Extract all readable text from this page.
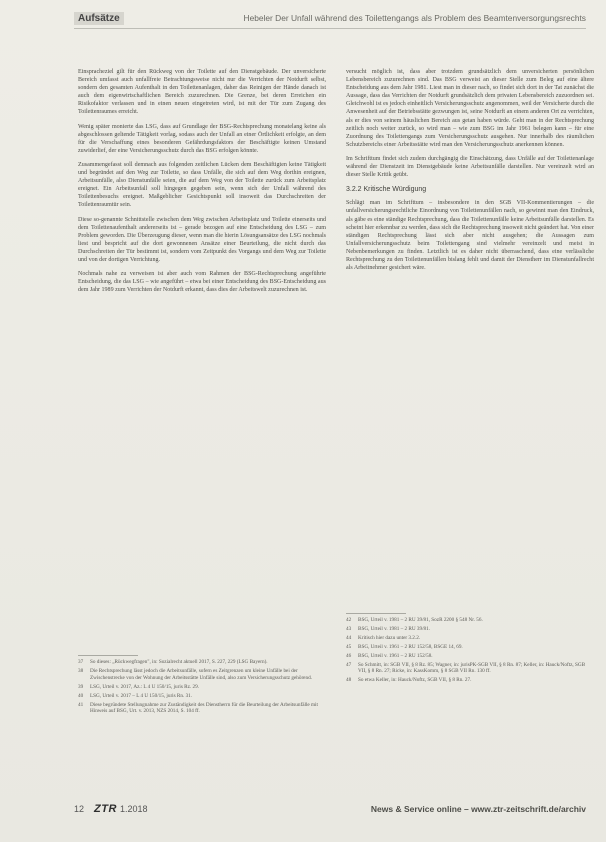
Aufsätze	Hebeler Der Unfall während des Toilettengangs als Problem des Beamtenversorgungsrechts

Einspracheziel gilt für den Rückweg von der Toilette auf den Dienstgebäude. Der unversicherte Bereich umfasst auch unfallfreie Betrachtungsweise nicht nur die Verrichten der Notdurft selbst, sondern den gesamten Aufenthalt in den Toilettenanlagen, daher das Reinigen der Hände danach ist auch dem eigenwirtschaftlichen Bereich zuzurechnen. Die Grenze, bei deren Erreichen ein Risikofaktor verlassen und in einen neuen eingetreten wird, ist mit der Tür zum Zugang des Toilettenraumes erreicht.

Wenig später monierte das LSG, dass auf Grundlage der BSG-Rechtsprechung monatelang keine als abgeschlossen geltende Tätigkeit vorlag, sodass auch der Unfall an einer Örtlichkeit erfolgte, an dem für die Verschaffung eines besonderen Gefährdungsfaktors der Beschäftigte keinen Umstand zuwiderlief, der eine Versicherungsschutz durch das BSG erfolgen könnte.

Zusammengefasst soll demnach aus folgenden zeitlichen Lücken dem Beschäftigten keine Tätigkeit und begründet auf den Weg zur Toilette, so dass Unfälle, die sich auf dem Weg dorthin ereignen, Arbeitsunfälle, also Dienstunfälle seien, die auf dem Weg von der Toilette zurück zum Arbeitsplatz ereignet. Ein Arbeitsunfall soll hingegen gegeben sein, wenn sich der Unfall während des Toilettenbesuchs ereignet. Maßgeblicher Gesichtspunkt soll insoweit das Durchschreiten der Toilettenraumtür sein.

Diese so-genannte Schnittstelle zwischen dem Weg zwischen Arbeitsplatz und Toilette einerseits und dem Toilettenaufenthalt andererseits ist – gerade bezogen auf eine Entscheidung des LSG – zum Problem geworden. Die Überzeugung dieser, wenn man die hierin Lösungsansätze des LSG nochmals liest und bespricht auf die dort gewonnenen Ansätze einer Beurteilung, die nicht durch das Durchschreiten der Tür bestimmt ist, sondern vom Zeitpunkt des Vorgangs und dem Weg zur Toilette und von der dortigen Verrichtung.

Nochmals nahe zu verweisen ist aber auch vom Rahmen der BSG-Rechtsprechung angeführte Entscheidung, die das LSG – wie angeführt – etwa bei einer Entscheidung des BSG-Entscheidung aus dem Jahr 1989 zum Verrichten der Notdurft erkannt, dass dies der Arbeitswelt zuzurechnen ist.

versucht möglich ist, dass aber trotzdem grundsätzlich dem unversicherten persönlichen Lebensbereich zuzurechnen sind. Das BSG verweist an dieser Stelle zum Beleg auf eine ältere Entscheidung aus dem Jahr 1981. Liest man in dieser nach, so findet sich dort in der Tat zunächst die Aussage, dass das Verrichten der Notdurft grundsätzlich dem privaten Lebensbereich zuzuordnen sei. Gleichwohl ist es jedoch einheitlich Versicherungsschutz angenommen, weil der Versicherte durch die Anwesenheit auf der Betriebsstätte gezwungen ist, seine Notdurft an einem anderen Ort zu verrichten, als er dies von seinem häuslichen Bereich aus getan haben würde. Geht man in der Rechtsprechung zeitlich noch weiter zurück, so wird man – wie zum BSG im Jahr 1961 belegen kann – für eine Zuordnung des Toilettengangs zum Versicherungsschutz ausgehen. Nur innerhalb des räumlichen Schutzbereichs einer Arbeitsstätte wird man den Versicherungsschutz anerkennen können.

Im Schrifttum findet sich zudem durchgängig die Einschätzung, dass Unfälle auf der Toilettenanlage während der Dienstzeit im Dienstgebäude keine Arbeitsunfälle darstellen. Nur vereinzelt wird an dieser Stelle Kritik geübt.

3.2.2 Kritische Würdigung

Schlägt man im Schrifttum – insbesondere in den SGB VII-Kommentierungen – die unfallversicherungsrechtliche Einordnung von Toilettenunfällen nach, so gewinnt man den Eindruck, als gäbe es eine ständige Rechtsprechung, dass die Toilettenunfälle keine Arbeitsunfälle darstellen. Es scheint hier erkennbar zu werden, dass sich die Rechtsprechung insoweit nicht geändert hat. Von einer ständigen Rechtsprechung lässt sich aber nicht ausgehen; die Aussagen zum Unfallversicherungsschutz beim Toilettengang sind vielmehr vereinzelt und meist in Nebenbemerkungen zu finden. Letztlich ist es daher nicht überraschend, dass eine verlässliche Rechtsprechung zu den Toilettenunfällen bislang fehlt und damit der Dienstherr im Dienstunfallrecht als Arbeitnehmer gesichert wäre.

37	So dieses: „Rückwegfragen", in: Sozialrecht aktuell 2017, S. 227, 229 (LSG Bayern).
38	Die Rechtsprechung lässt jedoch die Arbeitsunfälle, sofern es Zeitgrenzen um kleine Unfälle bei der Zwischenstrecke von der Wohnung der Arbeitsstätte Unfälle sind, also zum Versicherungsschutz gehörend.
39	LSG, Urteil v. 2017, Az.: L 4 U 150/15, juris Rz. 29.
40	LSG, Urteil v. 2017 – L 4 U 150/15, juris Rn. 31.
41	Diese begründete Stellungnahme zur Zuständigkeit des Dienstherrn für die Beurteilung der Arbeitsunfälle mit Hinweis auf BSG, Urt. v. 2013, NZS 2014, S. 104 ff.
42	BSG, Urteil v. 1981 – 2 RU 39/81, SozR 2200 § 548 Nr. 56.
43	BSG, Urteil v. 1981 – 2 RU 39/81.
44	Kritisch hier dazu unter 3.2.2.
45	BSG, Urteil v. 1961 – 2 RU 152/58, BSGE 14, 69.
46	BSG, Urteil v. 1961 – 2 RU 152/58.
47	So Schmitt, in: SGB VII, § 8 Rz. 85; Wagner, in: jurisPK-SGB VII, § 8 Rn. 87; Keller, in: Hauck/Noftz, SGB VII, § 8 Rn. 27; Ricke, in: KassKomm, § 8 SGB VII Rn. 130 ff.
48	So etwa Keller, in: Hauck/Noftz, SGB VII, § 8 Rn. 27.
12 ZTR 1.2018	News & Service online – www.ztr-zeitschrift.de/archiv
